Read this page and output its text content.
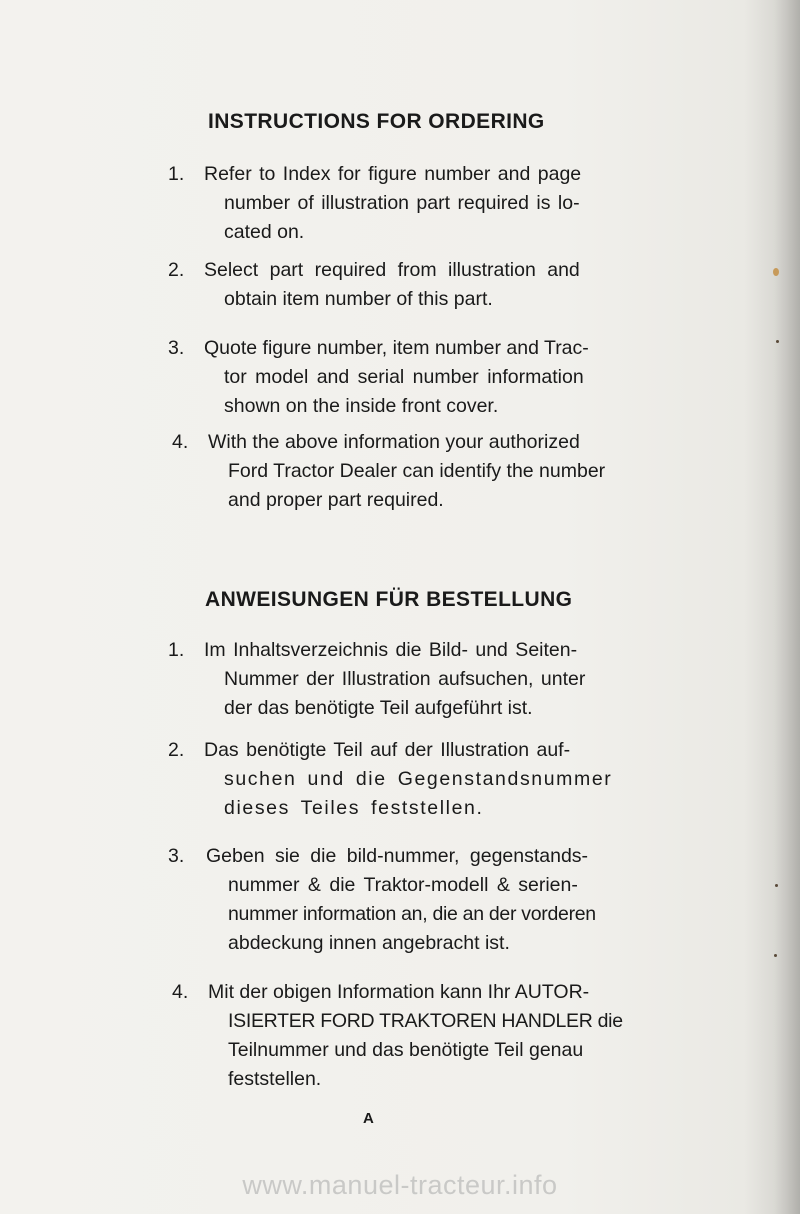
INSTRUCTIONS FOR ORDERING
1. Refer to Index for figure number and page
number of illustration part required is lo-
cated on.
2. Select part required from illustration and
obtain item number of this part.
3. Quote figure number, item number and Trac-
tor model and serial number information
shown on the inside front cover.
4. With the above information your authorized
Ford Tractor Dealer can identify the number
and proper part required.
ANWEISUNGEN FÜR BESTELLUNG
1. Im Inhaltsverzeichnis die Bild- und Seiten-
Nummer der Illustration aufsuchen, unter
der das benötigte Teil aufgeführt ist.
2. Das benötigte Teil auf der Illustration auf-
suchen und die Gegenstandsnummer
dieses Teiles feststellen.
3. Geben sie die bild-nummer, gegenstands-
nummer & die Traktor-modell & serien-
nummer information an, die an der vorderen
abdeckung innen angebracht ist.
4. Mit der obigen Information kann Ihr AUTOR-
ISIERTER FORD TRAKTOREN HANDLER die
Teilnummer und das benötigte Teil genau
feststellen.
A
www.manuel-tracteur.info
